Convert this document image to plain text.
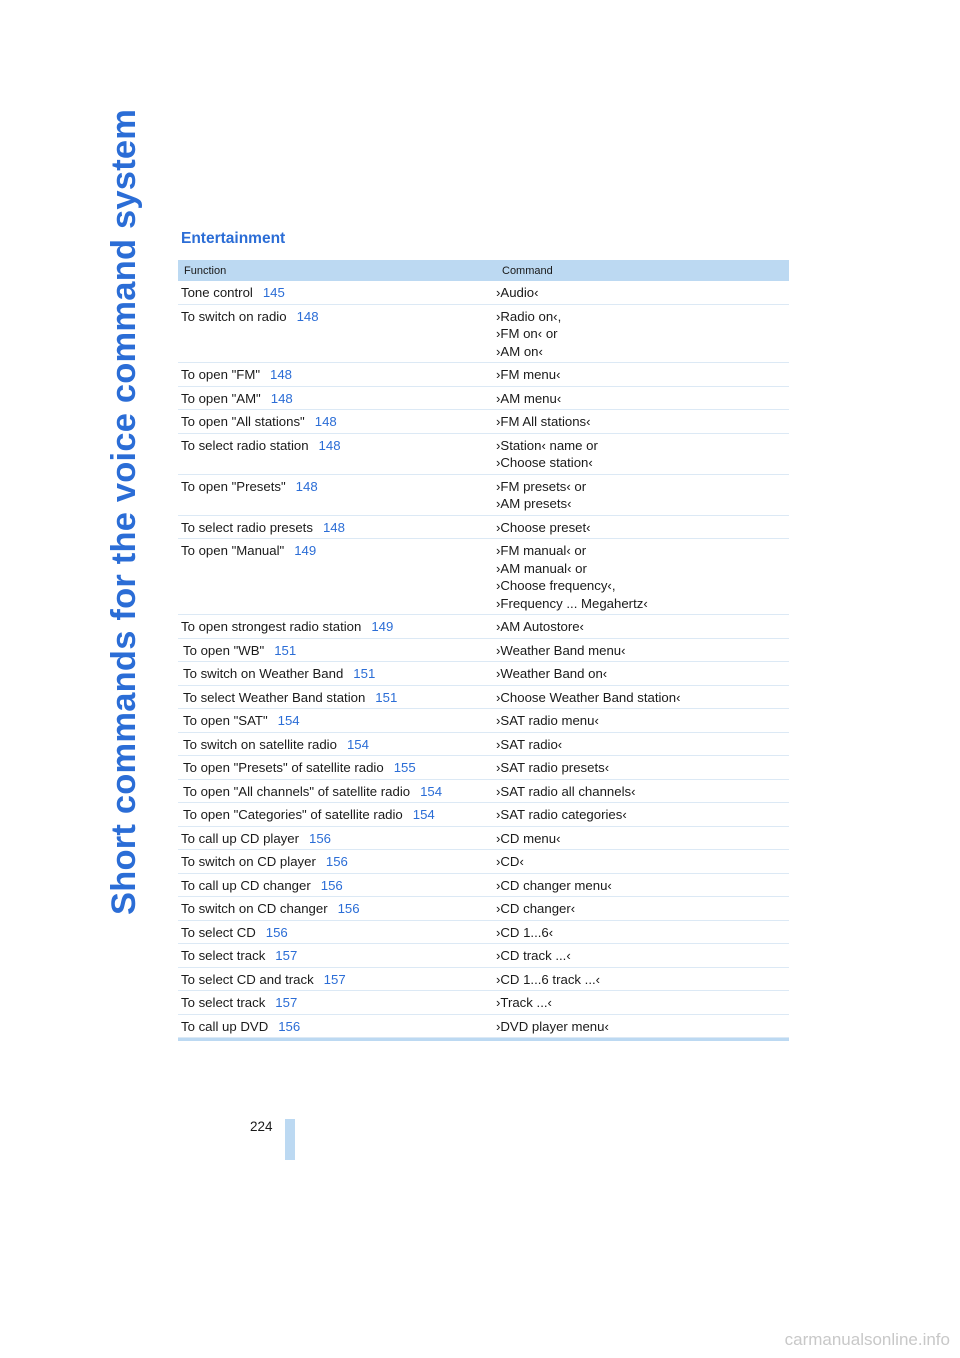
Short commands for the voice command system Entertainment
Function	Command
Tone control 145	›Audio‹
To switch on radio 148	›Radio on‹,
›FM on‹ or
›AM on‹
To open "FM" 148	›FM menu‹
To open "AM" 148	›AM menu‹
To open "All stations" 148	›FM All stations‹
To select radio station 148	›Station‹ name or
›Choose station‹
To open "Presets" 148	›FM presets‹ or
›AM presets‹
To select radio presets 148	›Choose preset‹
To open "Manual" 149	›FM manual‹ or
›AM manual‹ or
›Choose frequency‹,
›Frequency ... Megahertz‹
To open strongest radio station 149	›AM Autostore‹
To open "WB" 151	›Weather Band menu‹
To switch on Weather Band 151	›Weather Band on‹
To select Weather Band station 151	›Choose Weather Band station‹
To open "SAT" 154	›SAT radio menu‹
To switch on satellite radio 154	›SAT radio‹
To open "Presets" of satellite radio 155	›SAT radio presets‹
To open "All channels" of satellite radio 154	›SAT radio all channels‹
To open "Categories" of satellite radio 154	›SAT radio categories‹
To call up CD player 156	›CD menu‹
To switch on CD player 156	›CD‹
To call up CD changer 156	›CD changer menu‹
To switch on CD changer 156	›CD changer‹
To select CD 156	›CD 1...6‹
To select track 157	›CD track ...‹
To select CD and track 157	›CD 1...6 track ...‹
To select track 157	›Track ...‹
To call up DVD 156	›DVD player menu‹
224
carmanualsonline.info
